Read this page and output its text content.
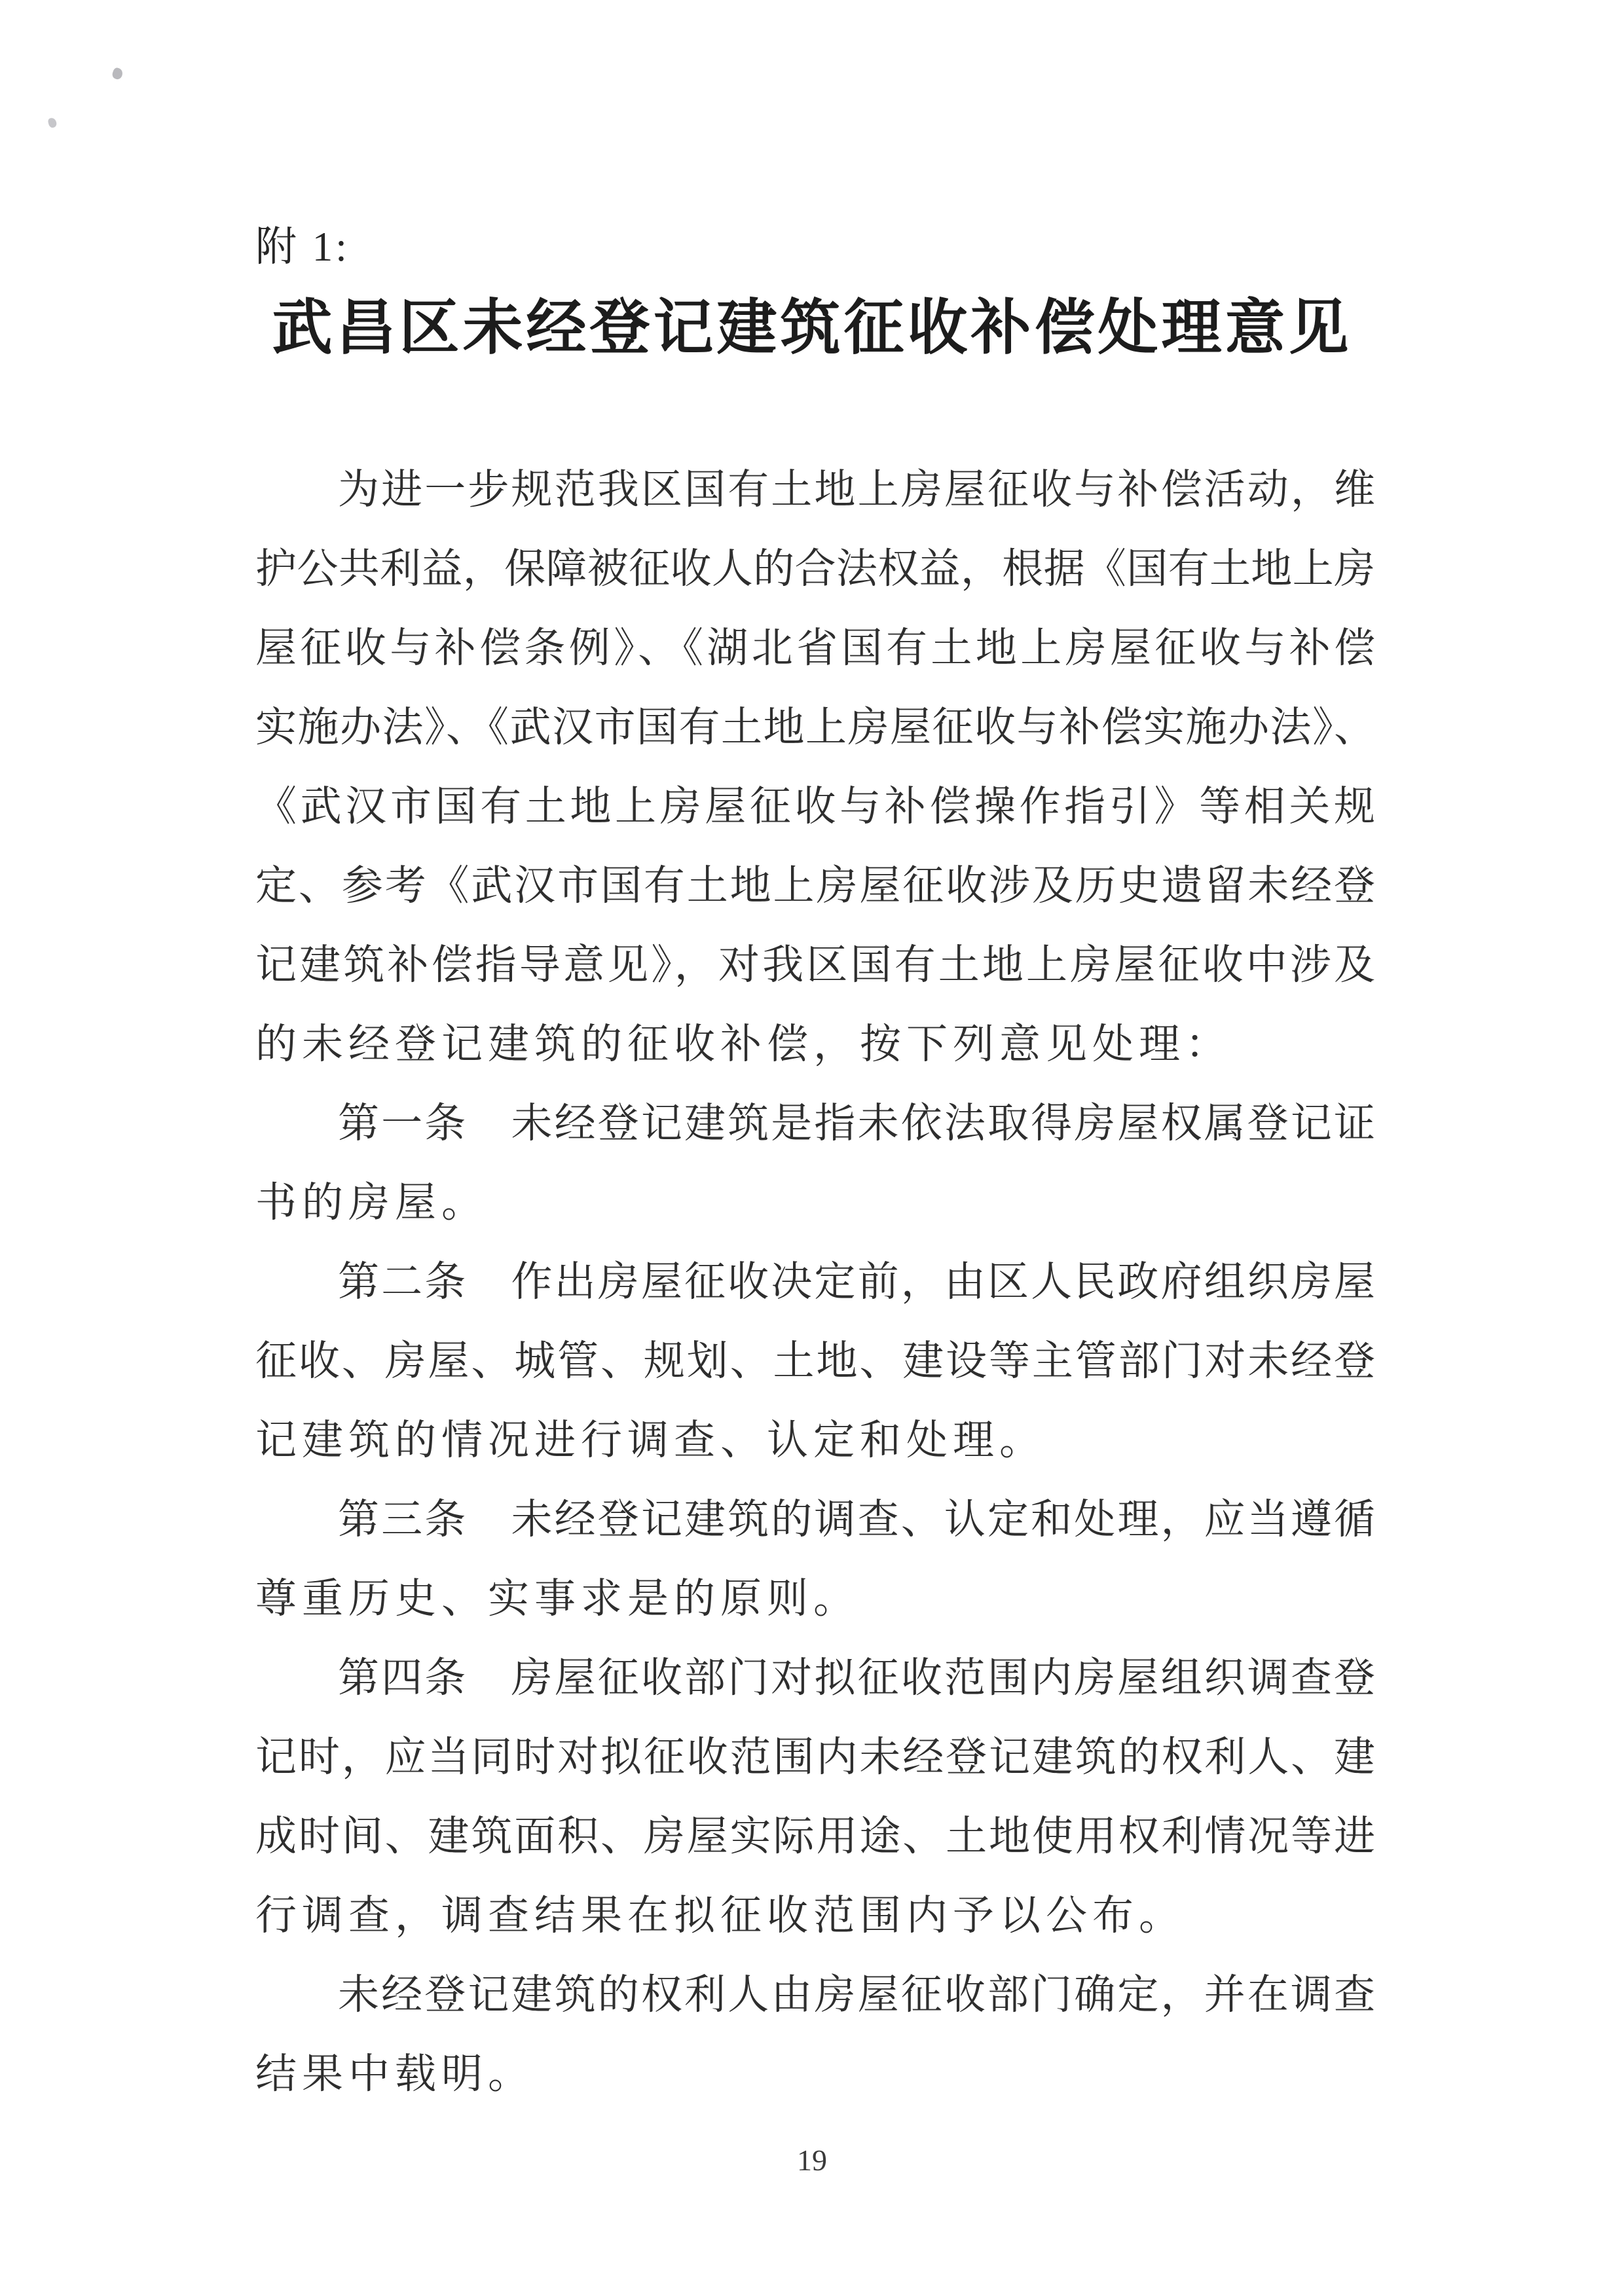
附 1:
武昌区未经登记建筑征收补偿处理意见
为进一步规范我区国有土地上房屋征收与补偿活动，维
护公共利益，保障被征收人的合法权益，根据《国有土地上房
屋征收与补偿条例》、《湖北省国有土地上房屋征收与补偿
实施办法》、《武汉市国有土地上房屋征收与补偿实施办法》、
《武汉市国有土地上房屋征收与补偿操作指引》等相关规
定、参考《武汉市国有土地上房屋征收涉及历史遗留未经登
记建筑补偿指导意见》，对我区国有土地上房屋征收中涉及
的未经登记建筑的征收补偿，按下列意见处理：
第一条　未经登记建筑是指未依法取得房屋权属登记证
书的房屋。
第二条　作出房屋征收决定前，由区人民政府组织房屋
征收、房屋、城管、规划、土地、建设等主管部门对未经登
记建筑的情况进行调查、认定和处理。
第三条　未经登记建筑的调查、认定和处理，应当遵循
尊重历史、实事求是的原则。
第四条　房屋征收部门对拟征收范围内房屋组织调查登
记时，应当同时对拟征收范围内未经登记建筑的权利人、建
成时间、建筑面积、房屋实际用途、土地使用权利情况等进
行调查，调查结果在拟征收范围内予以公布。
未经登记建筑的权利人由房屋征收部门确定，并在调查
结果中载明。
19
